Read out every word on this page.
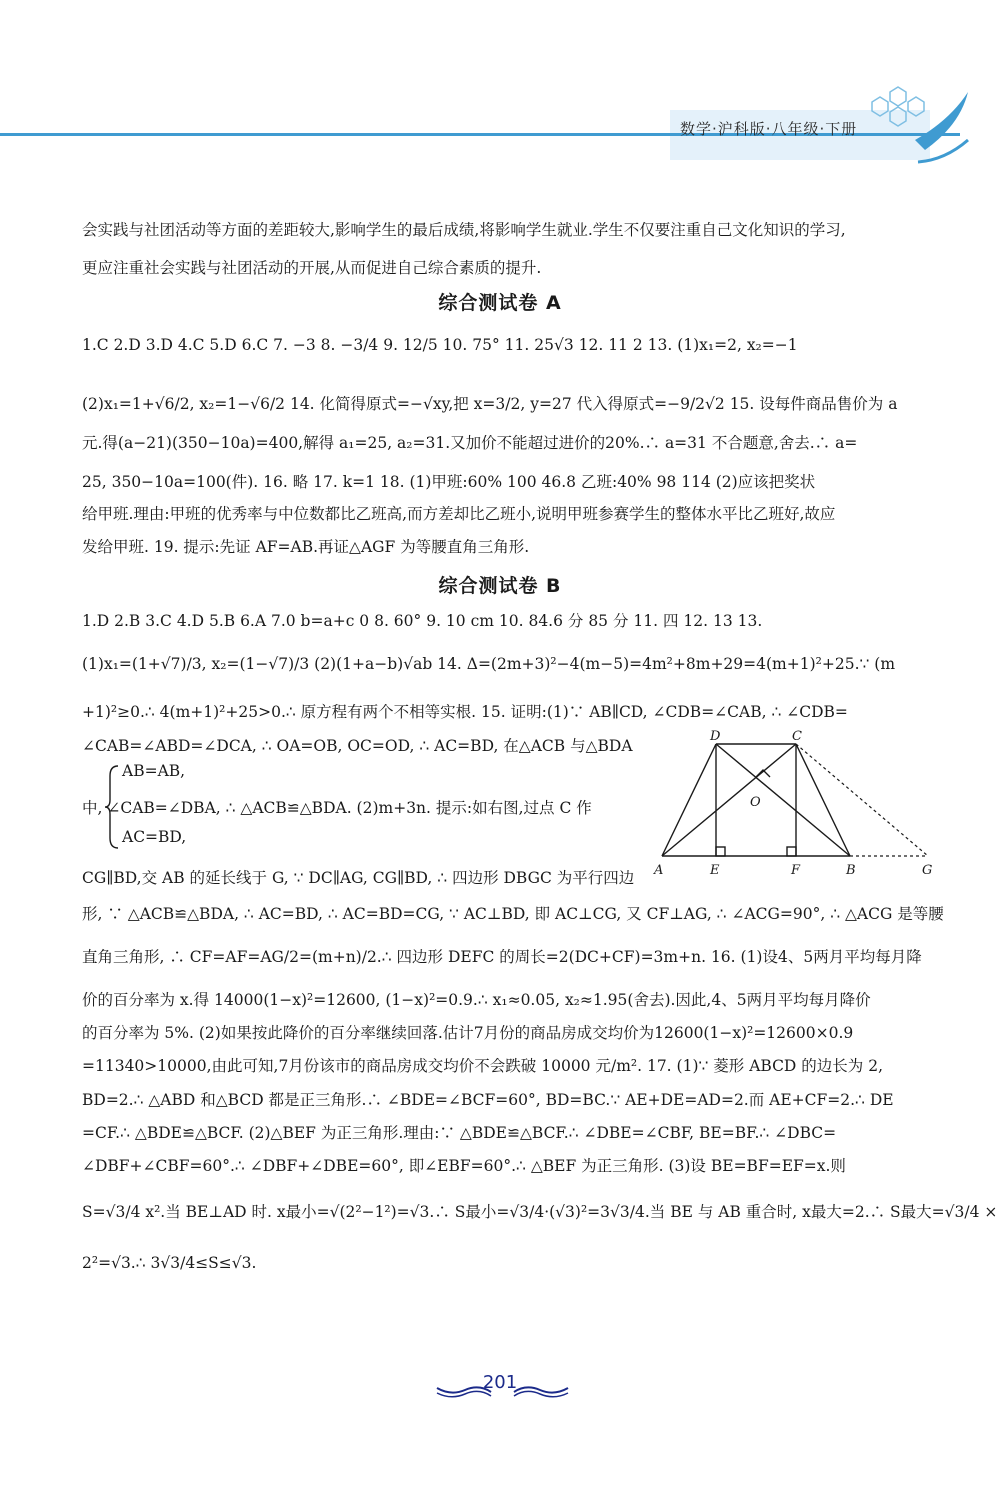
数学·沪科版·八年级·下册
会实践与社团活动等方面的差距较大,影响学生的最后成绩,将影响学生就业.学生不仅要注重自己文化知识的学习,
更应注重社会实践与社团活动的开展,从而促进自己综合素质的提升.
综合测试卷 A
1.C 2.D 3.D 4.C 5.D 6.C 7. −3 8. −3/4 9. 12/5 10. 75° 11. 25√3 12. 11 2 13. (1)x₁=2, x₂=−1
(2)x₁=1+√6/2, x₂=1−√6/2 14. 化简得原式=−√xy,把 x=3/2, y=27 代入得原式=−9/2√2 15. 设每件商品售价为 a
元.得(a−21)(350−10a)=400,解得 a₁=25, a₂=31.又加价不能超过进价的20%.∴ a=31 不合题意,舍去.∴ a=
25, 350−10a=100(件). 16. 略 17. k=1 18. (1)甲班:60% 100 46.8 乙班:40% 98 114 (2)应该把奖状
给甲班.理由:甲班的优秀率与中位数都比乙班高,而方差却比乙班小,说明甲班参赛学生的整体水平比乙班好,故应
发给甲班. 19. 提示:先证 AF=AB.再证△AGF 为等腰直角三角形.
综合测试卷 B
1.D 2.B 3.C 4.D 5.B 6.A 7.0 b=a+c 0 8. 60° 9. 10 cm 10. 84.6 分 85 分 11. 四 12. 13 13.
(1)x₁=(1+√7)/3, x₂=(1−√7)/3 (2)(1+a−b)√ab 14. Δ=(2m+3)²−4(m−5)=4m²+8m+29=4(m+1)²+25.∵ (m
+1)²≥0.∴ 4(m+1)²+25>0.∴ 原方程有两个不相等实根. 15. 证明:(1)∵ AB∥CD, ∠CDB=∠CAB, ∴ ∠CDB=
∠CAB=∠ABD=∠DCA, ∴ OA=OB, OC=OD, ∴ AC=BD, 在△ACB 与△BDA
AB=AB,
中, ∠CAB=∠DBA, ∴ △ACB≌△BDA. (2)m+3n. 提示:如右图,过点 C 作
AC=BD,
A	E	F	B	G
D	C
O
CG∥BD,交 AB 的延长线于 G, ∵ DC∥AG, CG∥BD, ∴ 四边形 DBGC 为平行四边
形, ∵ △ACB≌△BDA, ∴ AC=BD, ∴ AC=BD=CG, ∵ AC⊥BD, 即 AC⊥CG, 又 CF⊥AG, ∴ ∠ACG=90°, ∴ △ACG 是等腰
直角三角形, ∴ CF=AF=AG/2=(m+n)/2.∴ 四边形 DEFC 的周长=2(DC+CF)=3m+n. 16. (1)设4、5两月平均每月降
价的百分率为 x.得 14000(1−x)²=12600, (1−x)²=0.9.∴ x₁≈0.05, x₂≈1.95(舍去).因此,4、5两月平均每月降价
的百分率为 5%. (2)如果按此降价的百分率继续回落.估计7月份的商品房成交均价为12600(1−x)²=12600×0.9
=11340>10000,由此可知,7月份该市的商品房成交均价不会跌破 10000 元/m². 17. (1)∵ 菱形 ABCD 的边长为 2,
BD=2.∴ △ABD 和△BCD 都是正三角形.∴ ∠BDE=∠BCF=60°, BD=BC.∵ AE+DE=AD=2.而 AE+CF=2.∴ DE
=CF.∴ △BDE≌△BCF. (2)△BEF 为正三角形.理由:∵ △BDE≌△BCF.∴ ∠DBE=∠CBF, BE=BF.∴ ∠DBC=
∠DBF+∠CBF=60°.∴ ∠DBF+∠DBE=60°, 即∠EBF=60°.∴ △BEF 为正三角形. (3)设 BE=BF=EF=x.则
S=√3/4 x².当 BE⊥AD 时. x最小=√(2²−1²)=√3.∴ S最小=√3/4·(√3)²=3√3/4.当 BE 与 AB 重合时, x最大=2.∴ S最大=√3/4 ×
2²=√3.∴ 3√3/4≤S≤√3.
201
